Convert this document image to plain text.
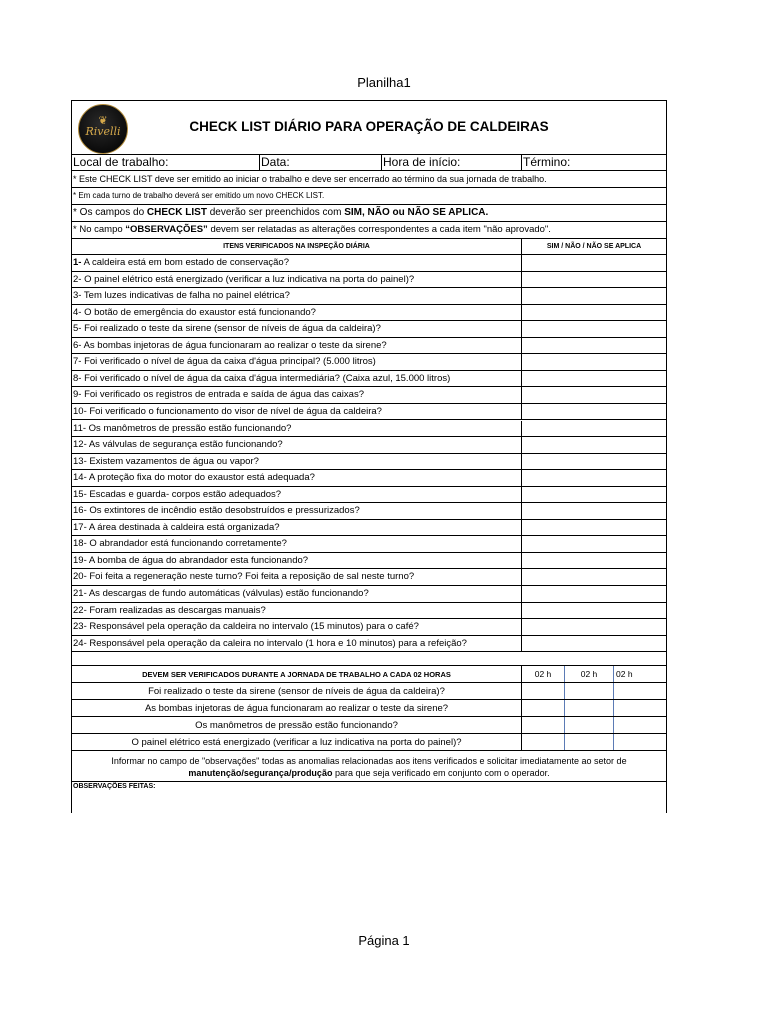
Planilha1
❦
Rivelli	CHECK LIST DIÁRIO PARA OPERAÇÃO DE CALDEIRAS
Local de trabalho:	Data:	Hora de início:	Término:
* Este CHECK LIST deve ser emitido ao iniciar o trabalho e deve ser encerrado ao término da sua jornada de trabalho.
* Em cada turno de trabalho deverá ser emitido um novo CHECK LIST.
* Os campos do CHECK LIST deverão ser preenchidos com SIM, NÃO ou NÃO SE APLICA.
* No campo “OBSERVAÇÕES” devem ser relatadas as alterações correspondentes a cada item "não aprovado".
ITENS VERIFICADOS NA INSPEÇÃO DIÁRIA	SIM / NÃO / NÃO SE APLICA
1- A caldeira está em bom estado de conservação?
2- O painel elétrico está energizado (verificar a luz indicativa na porta do painel)?
3- Tem luzes indicativas de falha no painel elétrica?
4- O botão de emergência do exaustor está funcionando?
5- Foi realizado o teste da sirene (sensor de níveis de água da caldeira)?
6- As bombas injetoras de água funcionaram ao realizar o teste da sirene?
7- Foi verificado o nível de água da caixa d'água principal? (5.000 litros)
8- Foi verificado o nível de água da caixa d'água intermediária? (Caixa azul, 15.000 litros)
9- Foi verificado os registros de entrada e saída de água das caixas?
10- Foi verificado o funcionamento do visor de nível de água da caldeira?
11- Os manômetros de pressão estão funcionando?
12- As válvulas de segurança estão funcionando?
13- Existem vazamentos de água ou vapor?
14- A proteção fixa do motor do exaustor está adequada?
15- Escadas e guarda- corpos estão adequados?
16- Os extintores de incêndio estão desobstruídos e pressurizados?
17- A área destinada à caldeira está organizada?
18- O abrandador está funcionando corretamente?
19- A bomba de água do abrandador esta funcionando?
20- Foi feita a regeneração neste turno? Foi feita a reposição de sal neste turno?
21- As descargas de fundo automáticas (válvulas) estão funcionando?
22- Foram realizadas as descargas manuais?
23- Responsável pela operação da caldeira no intervalo (15 minutos) para o café?
24- Responsável pela operação da caleira no intervalo (1 hora e 10 minutos) para a refeição?
DEVEM SER VERIFICADOS DURANTE A JORNADA DE TRABALHO A CADA 02 HORAS	02 h	02 h	02 h
Foi realizado o teste da sirene (sensor de níveis de água da caldeira)?
As bombas injetoras de água funcionaram ao realizar o teste da sirene?
Os manômetros de pressão estão funcionando?
O painel elétrico está energizado (verificar a luz indicativa na porta do painel)?
Informar no campo de "observações" todas as anomalias relacionadas aos itens verificados e solicitar imediatamente ao setor de
manutenção/segurança/produção para que seja verificado em conjunto com o operador.
OBSERVAÇÕES FEITAS:
Página 1
